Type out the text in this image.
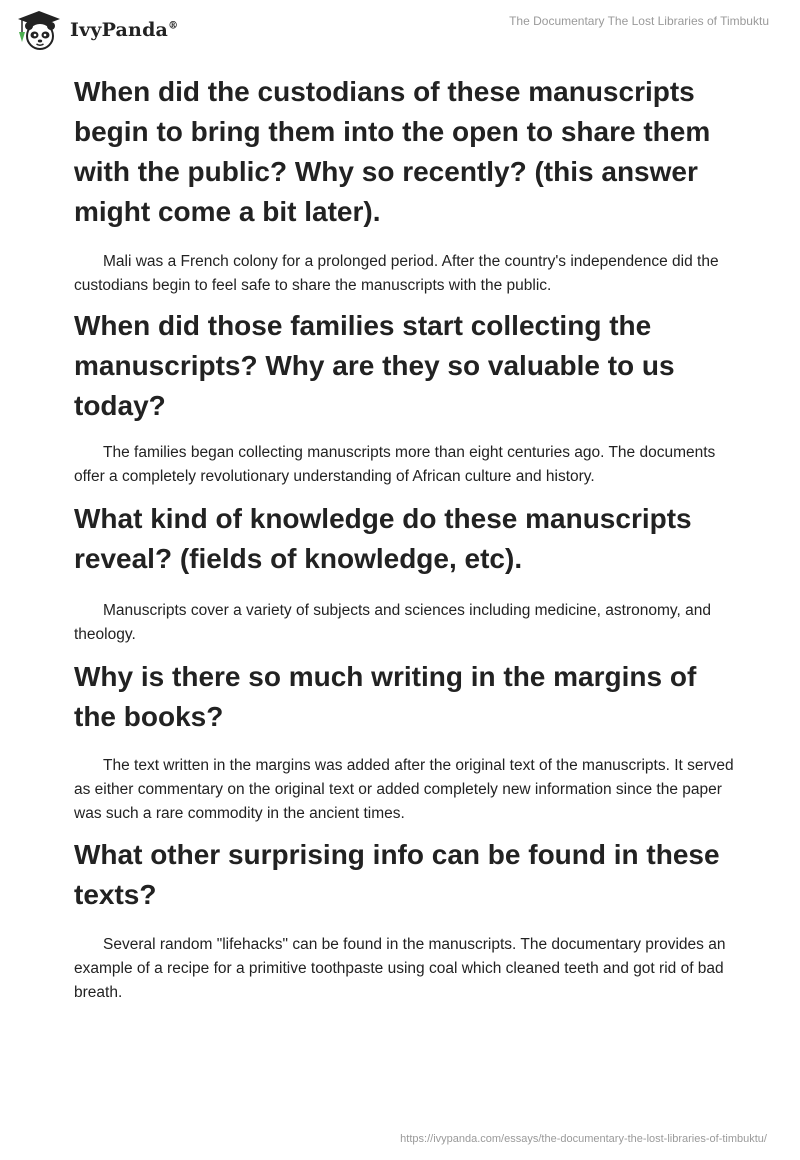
IvyPanda®	The Documentary The Lost Libraries of Timbuktu
When did the custodians of these manuscripts begin to bring them into the open to share them with the public? Why so recently? (this answer might come a bit later).

Mali was a French colony for a prolonged period. After the country's independence did the custodians begin to feel safe to share the manuscripts with the public.

When did those families start collecting the manuscripts? Why are they so valuable to us today?

The families began collecting manuscripts more than eight centuries ago. The documents offer a completely revolutionary understanding of African culture and history.

What kind of knowledge do these manuscripts reveal? (fields of knowledge, etc).

Manuscripts cover a variety of subjects and sciences including medicine, astronomy, and theology.

Why is there so much writing in the margins of the books?

The text written in the margins was added after the original text of the manuscripts. It served as either commentary on the original text or added completely new information since the paper was such a rare commodity in the ancient times.

What other surprising info can be found in these texts?

Several random "lifehacks" can be found in the manuscripts. The documentary provides an example of a recipe for a primitive toothpaste using coal which cleaned teeth and got rid of bad breath.

https://ivypanda.com/essays/the-documentary-the-lost-libraries-of-timbuktu/
